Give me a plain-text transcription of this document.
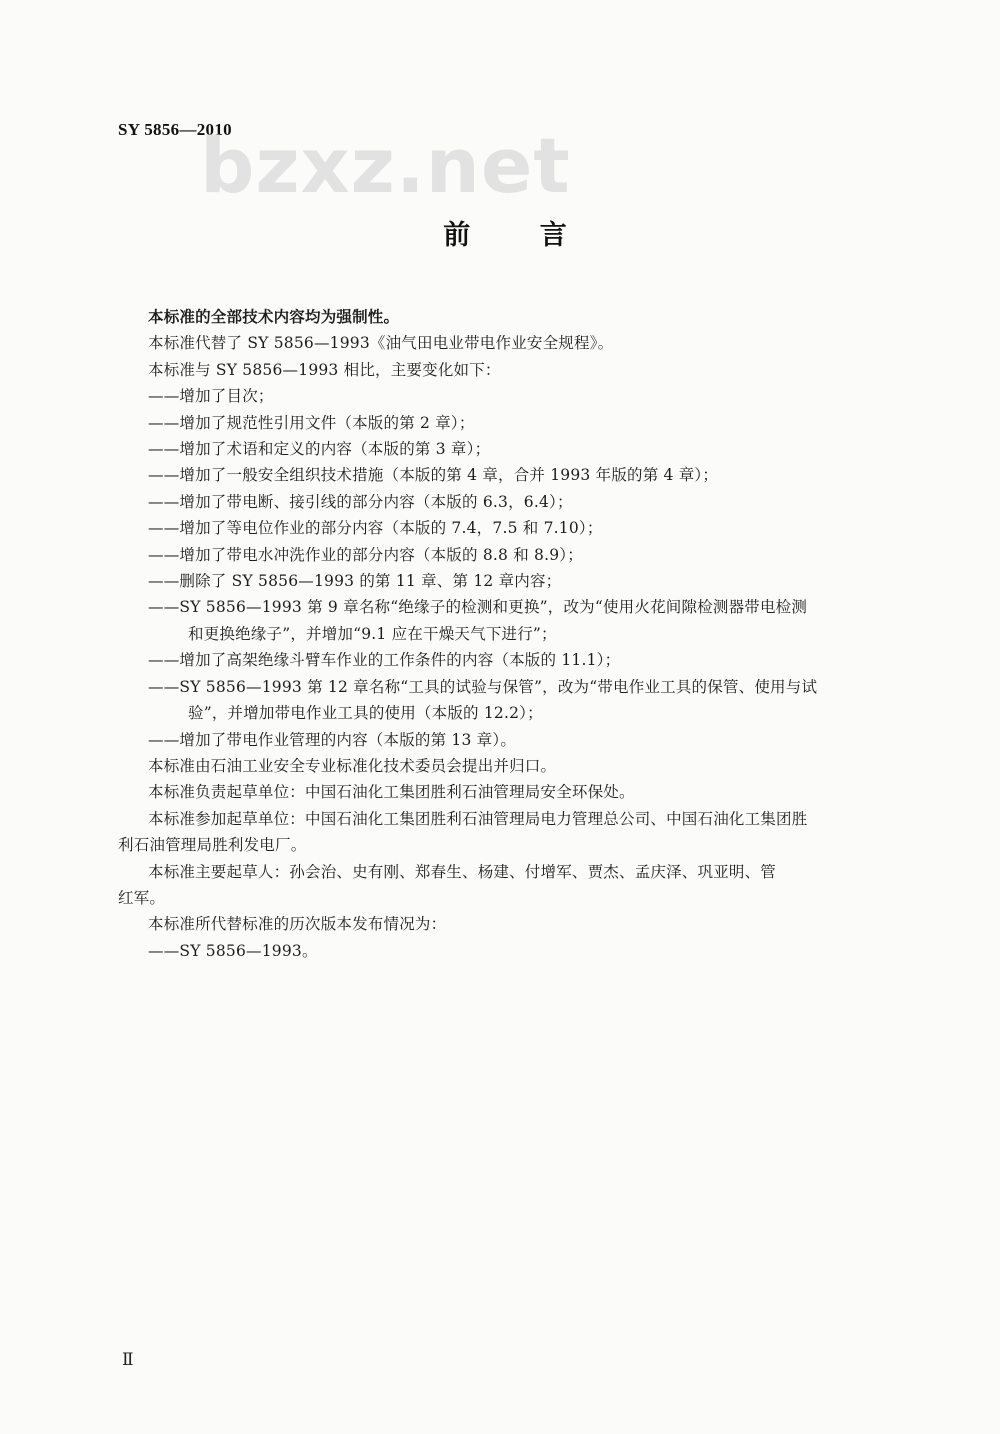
SY 5856—2010
bzxz.net
前 言
本标准的全部技术内容均为强制性。
本标准代替了 SY 5856—1993《油气田电业带电作业安全规程》。
本标准与 SY 5856—1993 相比，主要变化如下：
——增加了目次；
——增加了规范性引用文件（本版的第 2 章）；
——增加了术语和定义的内容（本版的第 3 章）；
——增加了一般安全组织技术措施（本版的第 4 章，合并 1993 年版的第 4 章）；
——增加了带电断、接引线的部分内容（本版的 6.3，6.4）；
——增加了等电位作业的部分内容（本版的 7.4，7.5 和 7.10）；
——增加了带电水冲洗作业的部分内容（本版的 8.8 和 8.9）；
——删除了 SY 5856—1993 的第 11 章、第 12 章内容；
——SY 5856—1993 第 9 章名称“绝缘子的检测和更换”，改为“使用火花间隙检测器带电检测
和更换绝缘子”，并增加“9.1 应在干燥天气下进行”；
——增加了高架绝缘斗臂车作业的工作条件的内容（本版的 11.1）；
——SY 5856—1993 第 12 章名称“工具的试验与保管”，改为“带电作业工具的保管、使用与试
验”，并增加带电作业工具的使用（本版的 12.2）；
——增加了带电作业管理的内容（本版的第 13 章）。
本标准由石油工业安全专业标准化技术委员会提出并归口。
本标准负责起草单位：中国石油化工集团胜利石油管理局安全环保处。
本标准参加起草单位：中国石油化工集团胜利石油管理局电力管理总公司、中国石油化工集团胜
利石油管理局胜利发电厂。
本标准主要起草人：孙会治、史有刚、郑春生、杨建、付增军、贾杰、孟庆泽、巩亚明、管
红军。
本标准所代替标准的历次版本发布情况为：
——SY 5856—1993。
Ⅱ
